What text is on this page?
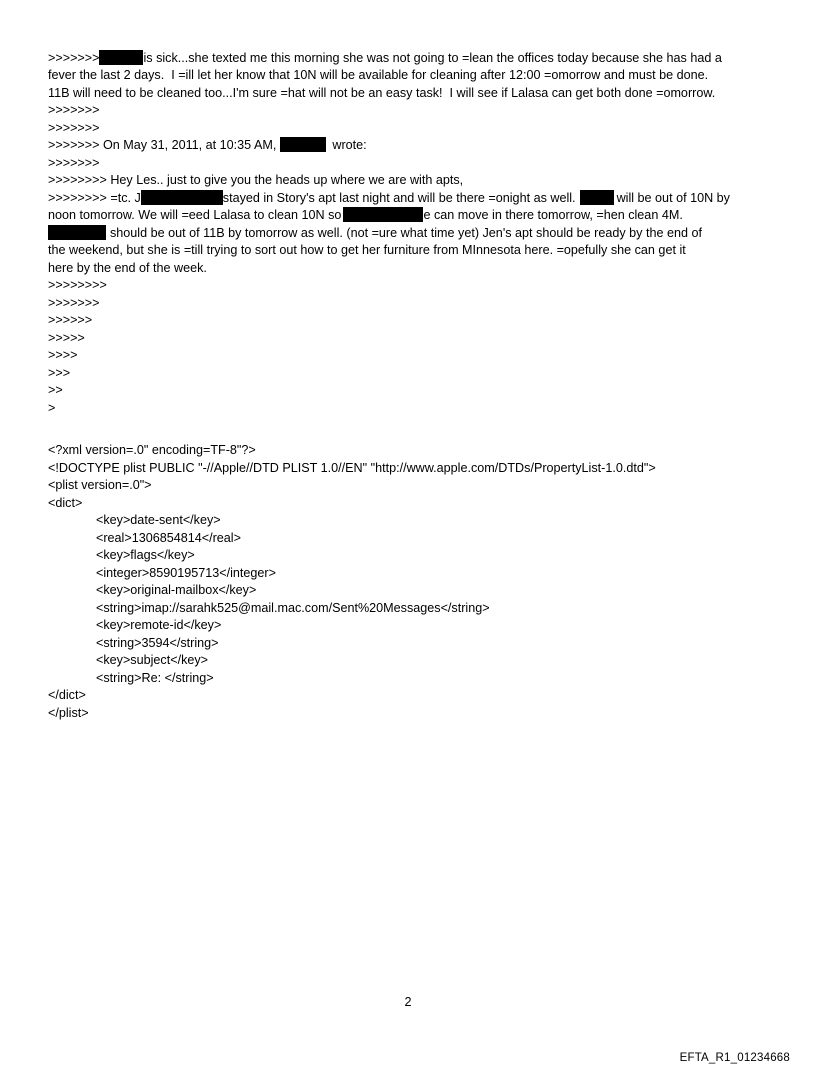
>>>>>>>	is sick...she texted me this morning she was not going to =lean the offices today because she has had a
fever the last 2 days.  I =ill let her know that 10N will be available for cleaning after 12:00 =omorrow and must be done.
11B will need to be cleaned too...I'm sure =hat will not be an easy task!  I will see if Lalasa can get both done =omorrow.
>>>>>>>
>>>>>>>
>>>>>>> On May 31, 2011, at 10:35 AM,	wrote:
>>>>>>>
>>>>>>>> Hey Les.. just to give you the heads up where we are with apts,
>>>>>>>> =tc. J	stayed in Story's apt last night and will be there =onight as well.	will be out of 10N by
noon tomorrow. We will =eed Lalasa to clean 10N so	e can move in there tomorrow, =hen clean 4M.
should be out of 11B by tomorrow as well. (not =ure what time yet) Jen's apt should be ready by the end of
the weekend, but she is =till trying to sort out how to get her furniture from MInnesota here. =opefully she can get it
here by the end of the week.
>>>>>>>>
>>>>>>>
>>>>>>
>>>>>
>>>>
>>>
>>
>
<?xml version=.0" encoding=TF-8"?>
<!DOCTYPE plist PUBLIC "-//Apple//DTD PLIST 1.0//EN" "http://www.apple.com/DTDs/PropertyList-1.0.dtd">
<plist version=.0">
<dict>
<key>date-sent</key>
<real>1306854814</real>
<key>flags</key>
<integer>8590195713</integer>
<key>original-mailbox</key>
<string>imap://sarahk525@mail.mac.com/Sent%20Messages</string>
<key>remote-id</key>
<string>3594</string>
<key>subject</key>
<string>Re: </string>
</dict>
</plist>
2
EFTA_R1_01234668
